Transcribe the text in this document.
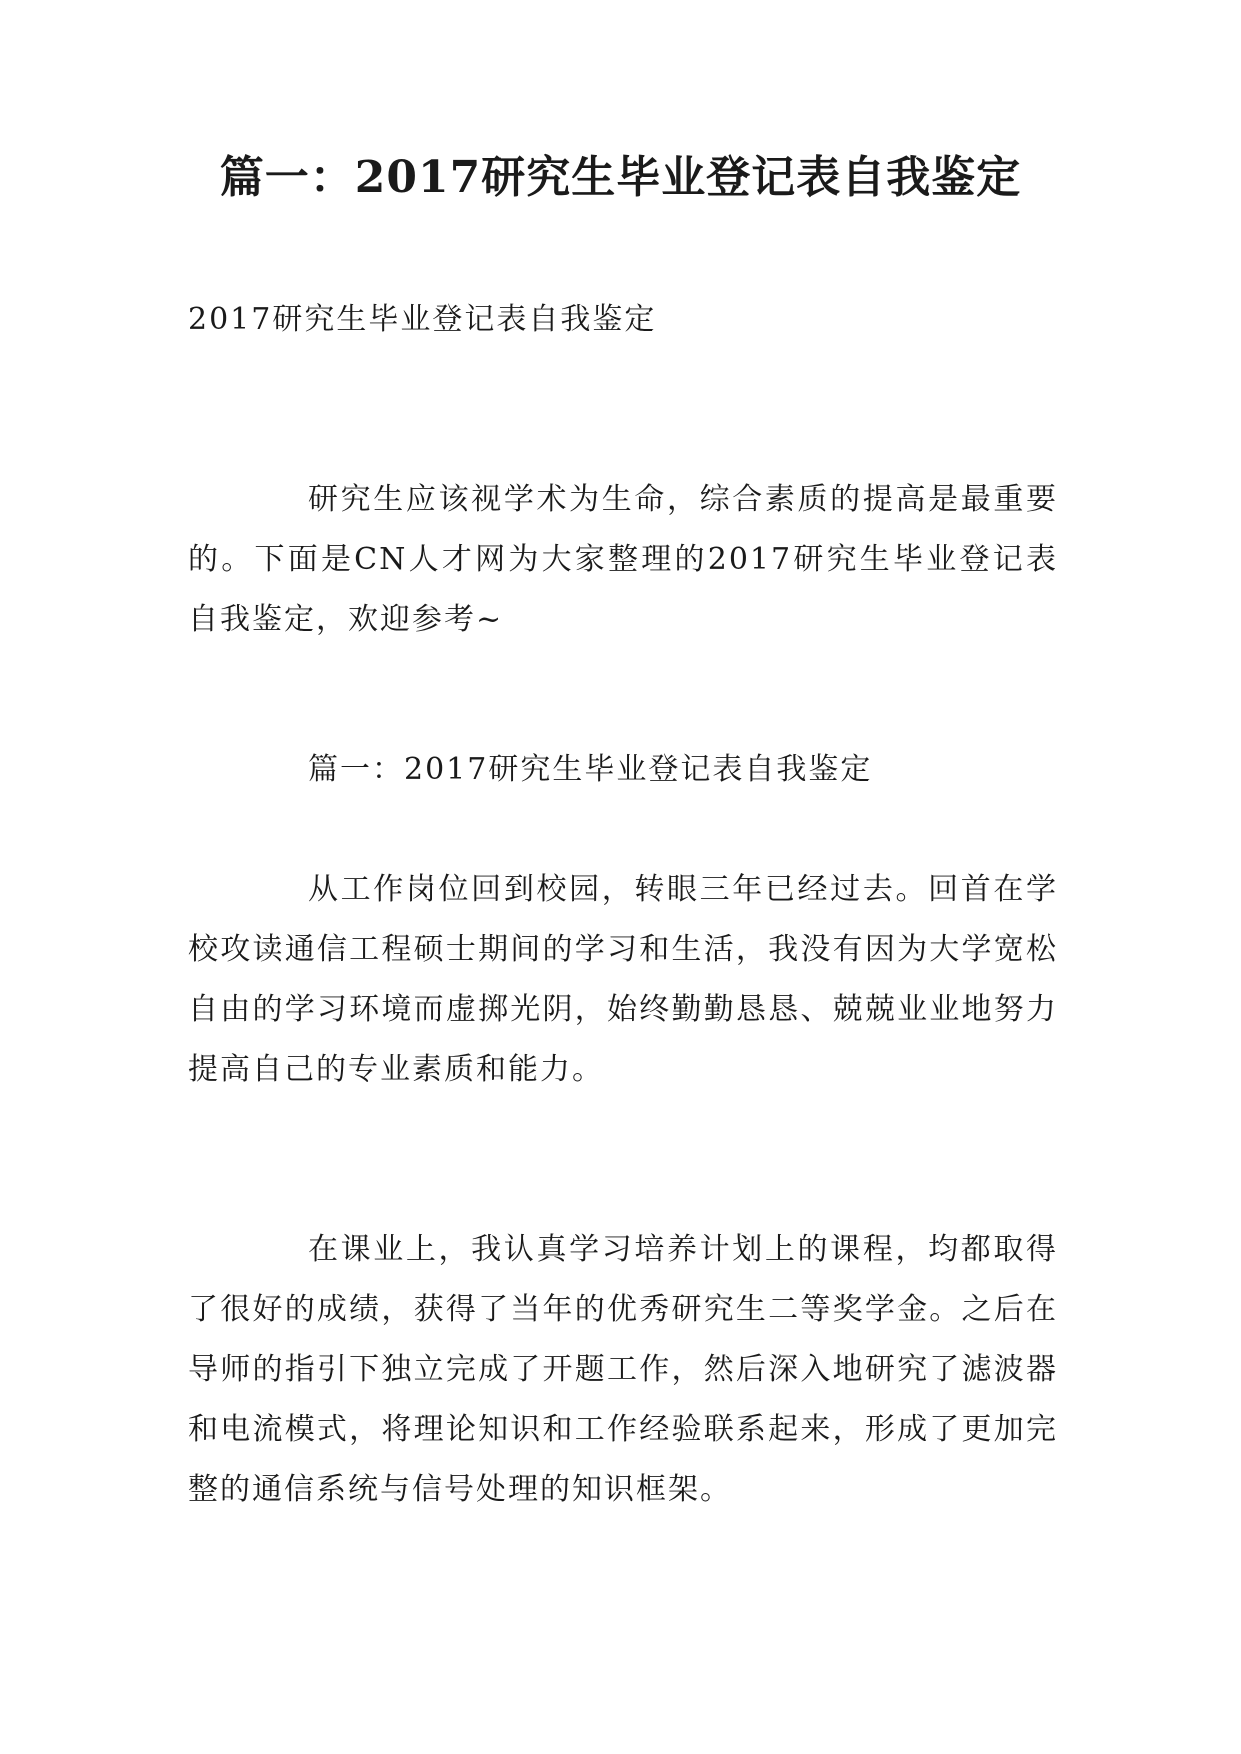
篇一：2017研究生毕业登记表自我鉴定

2017研究生毕业登记表自我鉴定

研究生应该视学术为生命，综合素质的提高是最重要的。下面是CN人才网为大家整理的2017研究生毕业登记表自我鉴定，欢迎参考~

篇一：2017研究生毕业登记表自我鉴定

从工作岗位回到校园，转眼三年已经过去。回首在学校攻读通信工程硕士期间的学习和生活，我没有因为大学宽松自由的学习环境而虚掷光阴，始终勤勤恳恳、兢兢业业地努力提高自己的专业素质和能力。

在课业上，我认真学习培养计划上的课程，均都取得了很好的成绩，获得了当年的优秀研究生二等奖学金。之后在导师的指引下独立完成了开题工作，然后深入地研究了滤波器和电流模式，将理论知识和工作经验联系起来，形成了更加完整的通信系统与信号处理的知识框架。
